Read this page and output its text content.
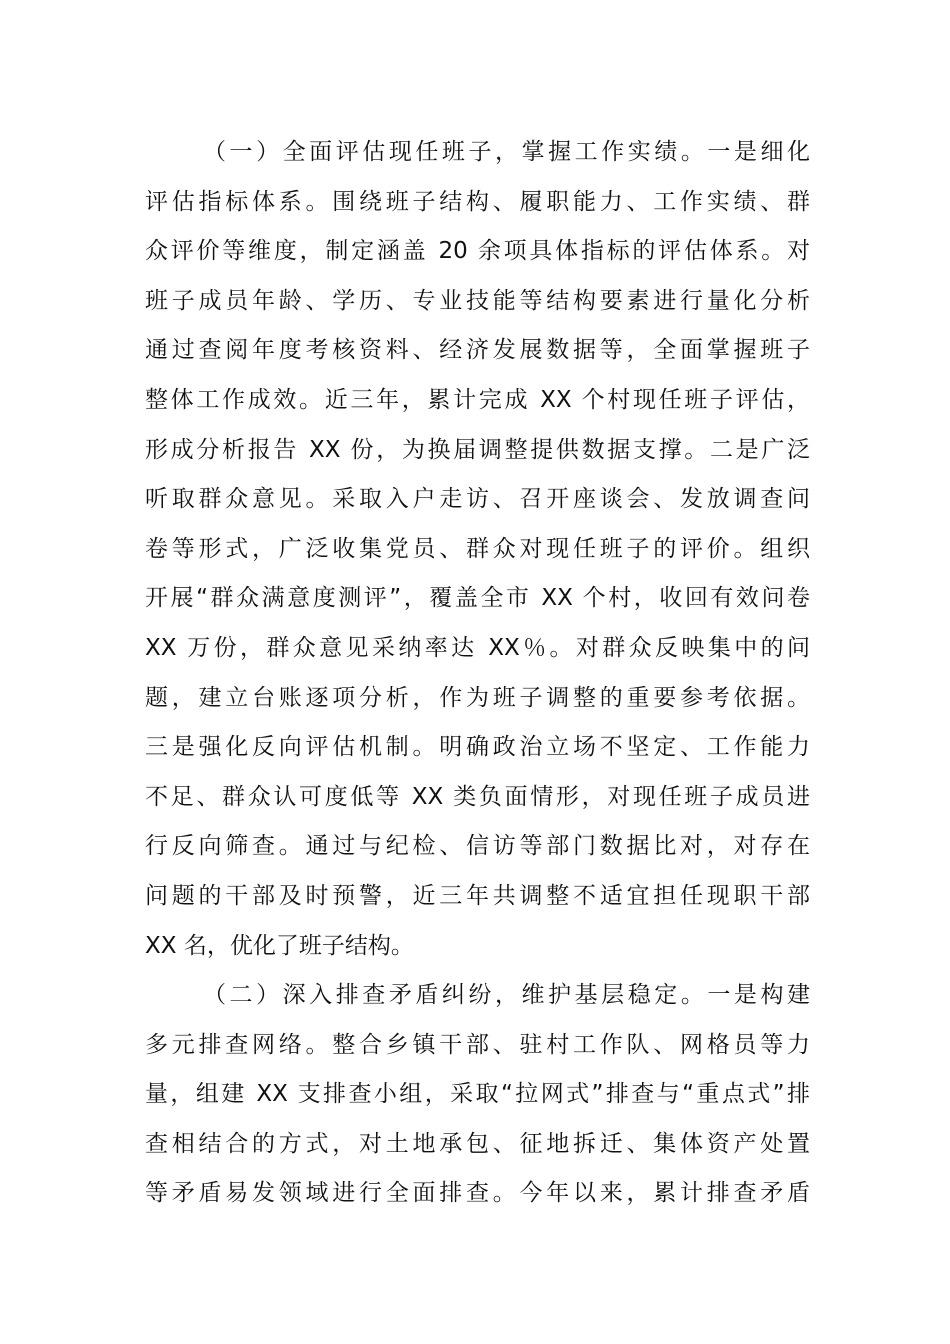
（一）全面评估现任班子，掌握工作实绩。一是细化
评估指标体系。围绕班子结构、履职能力、工作实绩、群
众评价等维度，制定涵盖 20 余项具体指标的评估体系。对
班子成员年龄、学历、专业技能等结构要素进行量化分析
通过查阅年度考核资料、经济发展数据等，全面掌握班子
整体工作成效。近三年，累计完成 XX 个村现任班子评估，
形成分析报告 XX 份，为换届调整提供数据支撑。二是广泛
听取群众意见。采取入户走访、召开座谈会、发放调查问
卷等形式，广泛收集党员、群众对现任班子的评价。组织
开展“群众满意度测评”，覆盖全市 XX 个村，收回有效问卷
XX 万份，群众意见采纳率达 XX％。对群众反映集中的问
题，建立台账逐项分析，作为班子调整的重要参考依据。
三是强化反向评估机制。明确政治立场不坚定、工作能力
不足、群众认可度低等 XX 类负面情形，对现任班子成员进
行反向筛查。通过与纪检、信访等部门数据比对，对存在
问题的干部及时预警，近三年共调整不适宜担任现职干部
XX 名，优化了班子结构。
（二）深入排查矛盾纠纷，维护基层稳定。一是构建
多元排查网络。整合乡镇干部、驻村工作队、网格员等力
量，组建 XX 支排查小组，采取“拉网式”排查与“重点式”排
查相结合的方式，对土地承包、征地拆迁、集体资产处置
等矛盾易发领域进行全面排查。今年以来，累计排查矛盾
